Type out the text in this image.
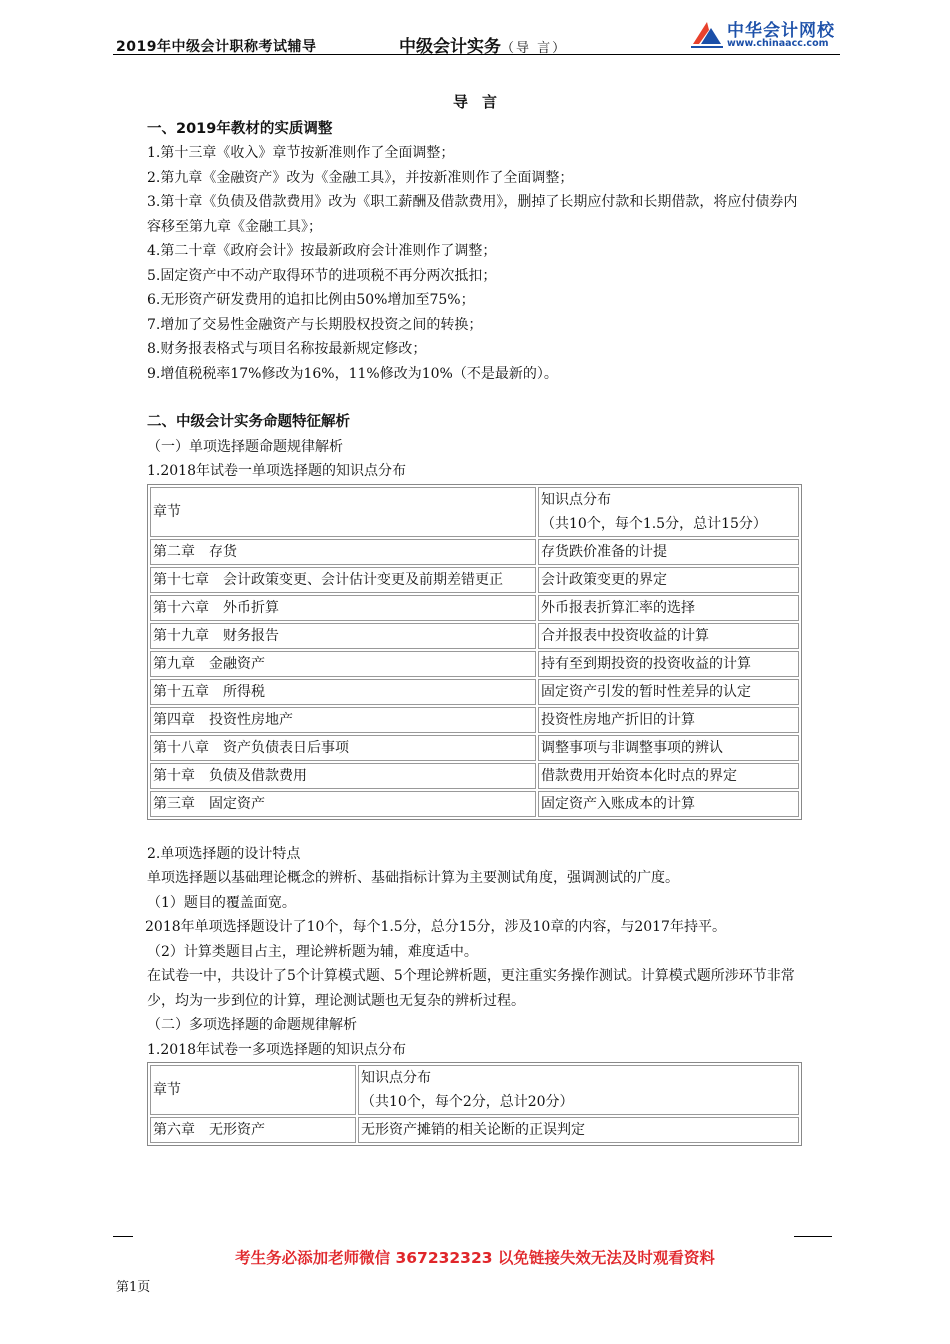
2019年中级会计职称考试辅导	中级会计实务（导 言）
中华会计网校
www.chinaacc.com
导言

一、2019年教材的实质调整

1.第十三章《收入》章节按新准则作了全面调整；

2.第九章《金融资产》改为《金融工具》，并按新准则作了全面调整；

3.第十章《负债及借款费用》改为《职工薪酬及借款费用》，删掉了长期应付款和长期借款，将应付债券内容移至第九章《金融工具》；

4.第二十章《政府会计》按最新政府会计准则作了调整；

5.固定资产中不动产取得环节的进项税不再分两次抵扣；

6.无形资产研发费用的追扣比例由50%增加至75%；

7.增加了交易性金融资产与长期股权投资之间的转换；

8.财务报表格式与项目名称按最新规定修改；

9.增值税税率17%修改为16%，11%修改为10%（不是最新的）。

二、中级会计实务命题特征解析

（一）单项选择题命题规律解析

1.2018年试卷一单项选择题的知识点分布

章节	知识点分布
（共10个，每个1.5分，总计15分）

第二章　存货	存货跌价准备的计提
第十七章　会计政策变更、会计估计变更及前期差错更正	会计政策变更的界定
第十六章　外币折算	外币报表折算汇率的选择
第十九章　财务报告	合并报表中投资收益的计算
第九章　金融资产	持有至到期投资的投资收益的计算
第十五章　所得税	固定资产引发的暂时性差异的认定
第四章　投资性房地产	投资性房地产折旧的计算
第十八章　资产负债表日后事项	调整事项与非调整事项的辨认
第十章　负债及借款费用	借款费用开始资本化时点的界定
第三章　固定资产	固定资产入账成本的计算

2.单项选择题的设计特点

单项选择题以基础理论概念的辨析、基础指标计算为主要测试角度，强调测试的广度。

（1）题目的覆盖面宽。

2018年单项选择题设计了10个，每个1.5分，总分15分，涉及10章的内容，与2017年持平。

（2）计算类题目占主，理论辨析题为辅，难度适中。

在试卷一中，共设计了5个计算模式题、5个理论辨析题，更注重实务操作测试。计算模式题所涉环节非常少，均为一步到位的计算，理论测试题也无复杂的辨析过程。

（二）多项选择题的命题规律解析

1.2018年试卷一多项选择题的知识点分布

章节	知识点分布
（共10个，每个2分，总计20分）

第六章　无形资产	无形资产摊销的相关论断的正误判定
考生务必添加老师微信 367232323 以免链接失效无法及时观看资料
第1页
